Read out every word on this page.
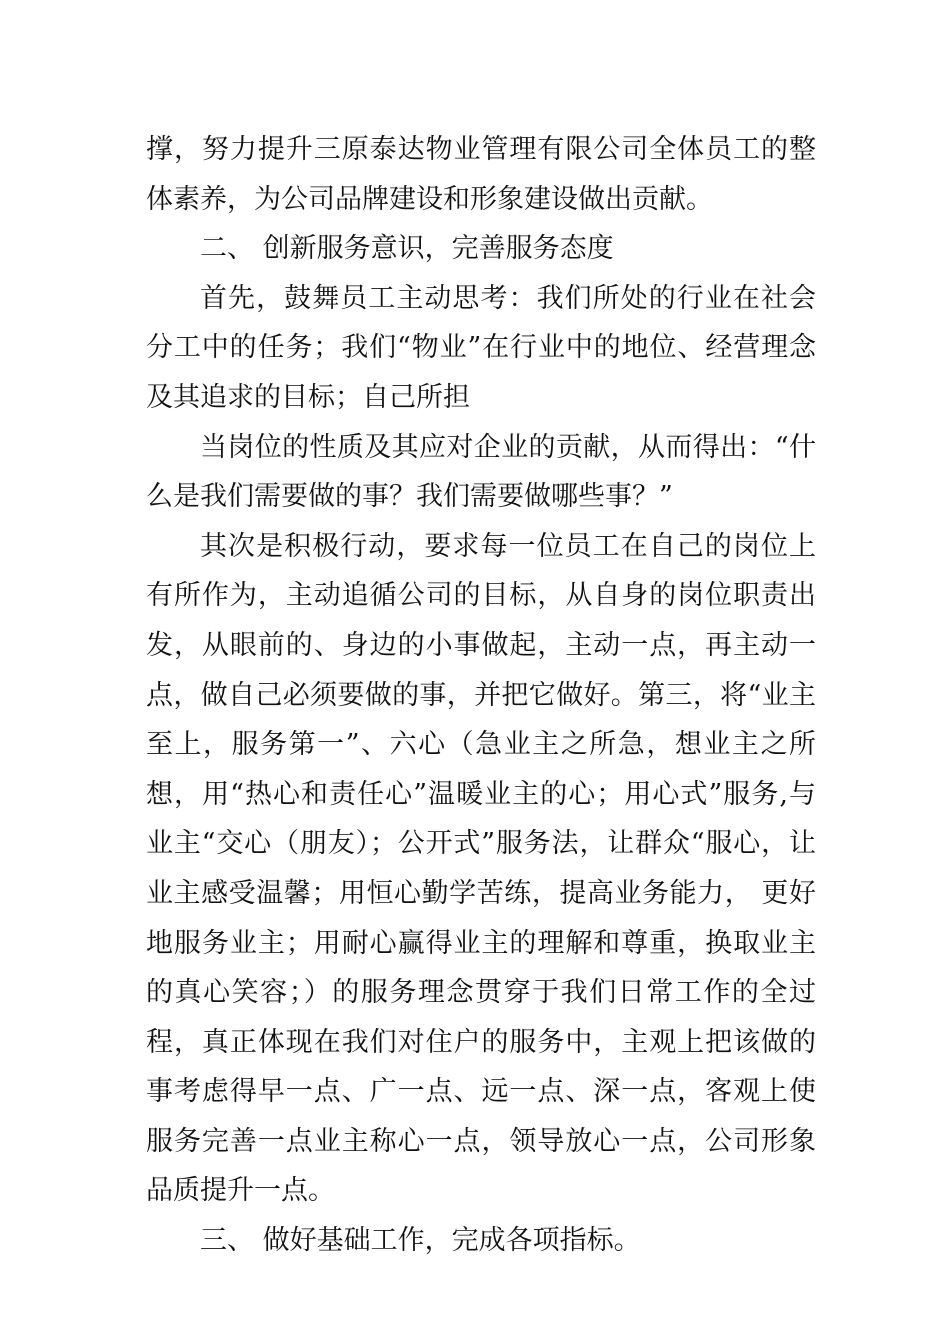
撑，努力提升三原泰达物业管理有限公司全体员工的整体素养，为公司品牌建设和形象建设做出贡献。

二、 创新服务意识，完善服务态度

首先，鼓舞员工主动思考：我们所处的行业在社会分工中的任务；我们“物业”在行业中的地位、经营理念及其追求的目标；自己所担

当岗位的性质及其应对企业的贡献，从而得出：“什么是我们需要做的事？我们需要做哪些事？”

其次是积极行动，要求每一位员工在自己的岗位上有所作为，主动追循公司的目标，从自身的岗位职责出发，从眼前的、身边的小事做起，主动一点，再主动一点，做自己必须要做的事，并把它做好。第三，将“业主至上，服务第一”、六心（急业主之所急，想业主之所想，用“热心和责任心”温暖业主的心；用心式”服务,与业主“交心（朋友）；公开式”服务法，让群众“服心，让业主感受温馨；用恒心勤学苦练，提高业务能力， 更好地服务业主；用耐心赢得业主的理解和尊重，换取业主的真心笑容；）的服务理念贯穿于我们日常工作的全过程，真正体现在我们对住户的服务中，主观上把该做的事考虑得早一点、广一点、远一点、深一点，客观上使服务完善一点业主称心一点，领导放心一点，公司形象品质提升一点。

三、 做好基础工作，完成各项指标。
